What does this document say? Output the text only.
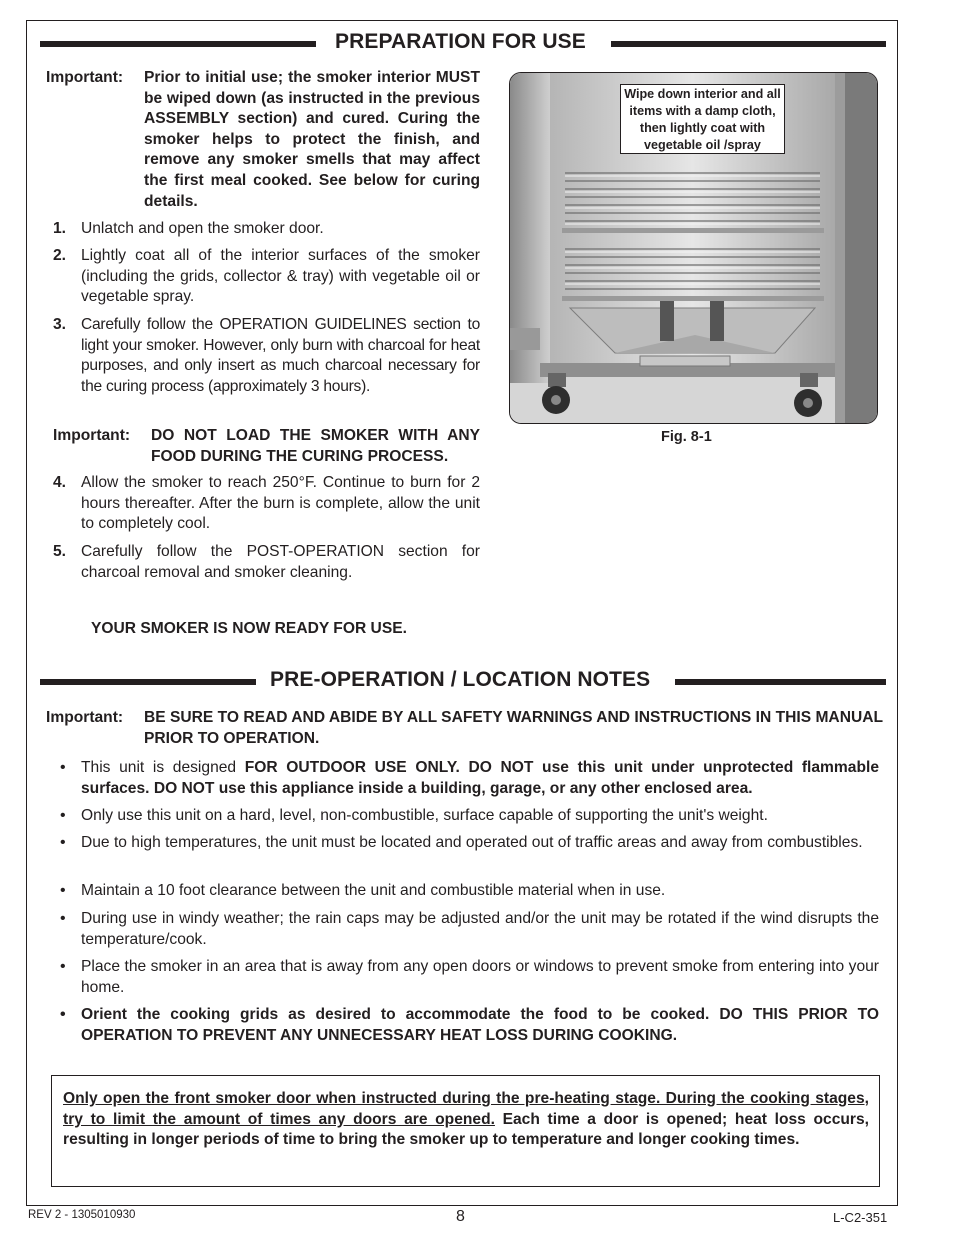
PREPARATION FOR USE
Important: Prior to initial use; the smoker interior MUST be wiped down (as instructed in the previous ASSEMBLY section) and cured. Curing the smoker helps to protect the finish, and remove any smoker smells that may affect the first meal cooked. See below for curing details.
1. Unlatch and open the smoker door.
2. Lightly coat all of the interior surfaces of the smoker (including the grids, collector & tray) with vegetable oil or vegetable spray.
3. Carefully follow the OPERATION GUIDELINES section to light your smoker. However, only burn with charcoal for heat purposes, and only insert as much charcoal necessary for the curing process (approximately 3 hours).
Important: DO NOT LOAD THE SMOKER WITH ANY FOOD DURING THE CURING PROCESS.
4. Allow the smoker to reach 250°F. Continue to burn for 2 hours thereafter. After the burn is complete, allow the unit to completely cool.
5. Carefully follow the POST-OPERATION section for charcoal removal and smoker cleaning.
YOUR SMOKER IS NOW READY FOR USE.
Wipe down interior and all items with a damp cloth, then lightly coat with vegetable oil /spray
Fig. 8-1
PRE-OPERATION / LOCATION NOTES
Important: BE SURE TO READ AND ABIDE BY ALL SAFETY WARNINGS AND INSTRUCTIONS IN THIS MANUAL PRIOR TO OPERATION.
• This unit is designed FOR OUTDOOR USE ONLY. DO NOT use this unit under unprotected flammable surfaces. DO NOT use this appliance inside a building, garage, or any other enclosed area.
• Only use this unit on a hard, level, non-combustible, surface capable of supporting the unit's weight.
• Due to high temperatures, the unit must be located and operated out of traffic areas and away from combustibles.
• Maintain a 10 foot clearance between the unit and combustible material when in use.
• During use in windy weather; the rain caps may be adjusted and/or the unit may be rotated if the wind disrupts the temperature/cook.
• Place the smoker in an area that is away from any open doors or windows to prevent smoke from entering into your home.
• Orient the cooking grids as desired to accommodate the food to be cooked. DO THIS PRIOR TO OPERATION TO PREVENT ANY UNNECESSARY HEAT LOSS DURING COOKING.
Only open the front smoker door when instructed during the pre-heating stage. During the cooking stages, try to limit the amount of times any doors are opened. Each time a door is opened; heat loss occurs, resulting in longer periods of time to bring the smoker up to temperature and longer cooking times.
REV 2 - 1305010930	8	L-C2-351
